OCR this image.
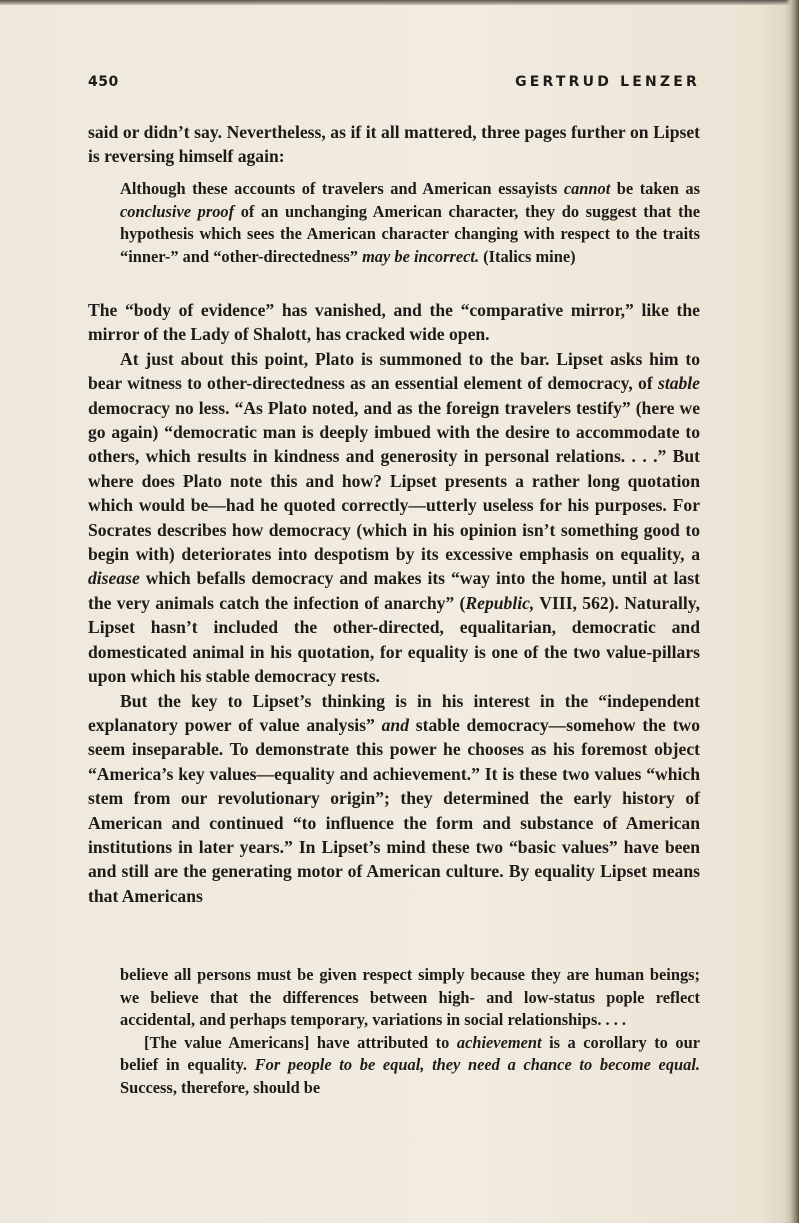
450	GERTRUD LENZER

said or didn’t say. Nevertheless, as if it all mattered, three pages further on Lipset is reversing himself again:

Although these accounts of travelers and American essayists cannot be taken as conclusive proof of an unchanging American character, they do suggest that the hypothesis which sees the American character changing with respect to the traits “inner-” and “other-directedness” may be incorrect. (Italics mine)

The “body of evidence” has vanished, and the “comparative mirror,” like the mirror of the Lady of Shalott, has cracked wide open.

At just about this point, Plato is summoned to the bar. Lipset asks him to bear witness to other-directedness as an essential element of democracy, of stable democracy no less. “As Plato noted, and as the foreign travelers testify” (here we go again) “democratic man is deeply imbued with the desire to accommodate to others, which results in kindness and generosity in personal relations. . . .” But where does Plato note this and how? Lipset presents a rather long quotation which would be—had he quoted correctly—utterly useless for his purposes. For Socrates describes how democracy (which in his opinion isn’t something good to begin with) deteriorates into despotism by its excessive emphasis on equality, a disease which befalls democracy and makes its “way into the home, until at last the very animals catch the infection of anarchy” (Republic, VIII, 562). Naturally, Lipset hasn’t included the other-directed, equalitarian, democratic and domesticated animal in his quotation, for equality is one of the two value-pillars upon which his stable democracy rests.

But the key to Lipset’s thinking is in his interest in the “independent explanatory power of value analysis” and stable democracy—somehow the two seem inseparable. To demonstrate this power he chooses as his foremost object “America’s key values—equality and achievement.” It is these two values “which stem from our revolutionary origin”; they determined the early history of American and continued “to influence the form and substance of American institutions in later years.” In Lipset’s mind these two “basic values” have been and still are the generating motor of American culture. By equality Lipset means that Americans

believe all persons must be given respect simply because they are human beings; we believe that the differences between high- and low-status pople reflect accidental, and perhaps temporary, variations in social relationships. . . .

[The value Americans] have attributed to achievement is a corollary to our belief in equality. For people to be equal, they need a chance to become equal. Success, therefore, should be
